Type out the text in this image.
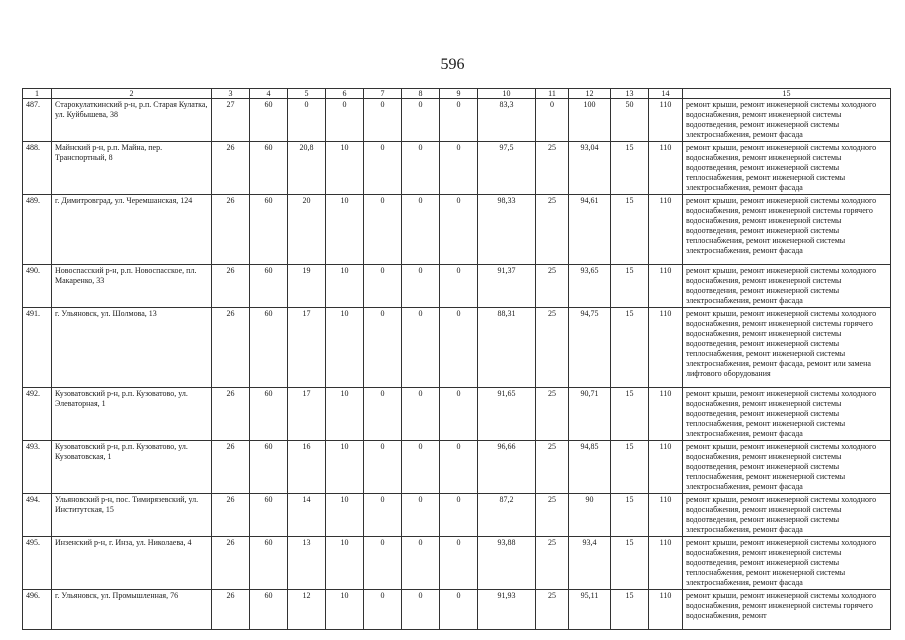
596
1	2	3	4	5	6	7	8	9	10	11	12	13	14	15
487.	Старокулаткинский р-н, р.п. Старая Кулатка, ул. Куйбышева, 38	27	60	0	0	0	0	0	83,3	0	100	50	110	ремонт крыши, ремонт инженерной системы холодного водоснабжения, ремонт инженерной системы водоотведения, ремонт инженерной системы электроснабжения, ремонт фасада
488.	Майнский р-н, р.п. Майна, пер. Транспортный, 8	26	60	20,8	10	0	0	0	97,5	25	93,04	15	110	ремонт крыши, ремонт инженерной системы холодного водоснабжения, ремонт инженерной системы водоотведения, ремонт инженерной системы теплоснабжения, ремонт инженерной системы электроснабжения, ремонт фасада
489.	г. Димитровград, ул. Черемшанская, 124	26	60	20	10	0	0	0	98,33	25	94,61	15	110	ремонт крыши, ремонт инженерной системы холодного водоснабжения, ремонт инженерной системы горячего водоснабжения, ремонт инженерной системы водоотведения, ремонт инженерной системы теплоснабжения, ремонт инженерной системы электроснабжения, ремонт фасада
490.	Новоспасский р-н, р.п. Новоспасское, пл. Макаренко, 33	26	60	19	10	0	0	0	91,37	25	93,65	15	110	ремонт крыши, ремонт инженерной системы холодного водоснабжения, ремонт инженерной системы водоотведения, ремонт инженерной системы электроснабжения, ремонт фасада
491.	г. Ульяновск, ул. Шолмова, 13	26	60	17	10	0	0	0	88,31	25	94,75	15	110	ремонт крыши, ремонт инженерной системы холодного водоснабжения, ремонт инженерной системы горячего водоснабжения, ремонт инженерной системы водоотведения, ремонт инженерной системы теплоснабжения, ремонт инженерной системы электроснабжения, ремонт фасада, ремонт или замена лифтового оборудования
492.	Кузоватовский р-н, р.п. Кузоватово, ул. Элеваторная, 1	26	60	17	10	0	0	0	91,65	25	90,71	15	110	ремонт крыши, ремонт инженерной системы холодного водоснабжения, ремонт инженерной системы водоотведения, ремонт инженерной системы теплоснабжения, ремонт инженерной системы электроснабжения, ремонт фасада
493.	Кузоватовский р-н, р.п. Кузоватово, ул. Кузоватовская, 1	26	60	16	10	0	0	0	96,66	25	94,85	15	110	ремонт крыши, ремонт инженерной системы холодного водоснабжения, ремонт инженерной системы водоотведения, ремонт инженерной системы теплоснабжения, ремонт инженерной системы электроснабжения, ремонт фасада
494.	Ульяновский р-н, пос. Тимирязевский, ул. Институтская, 15	26	60	14	10	0	0	0	87,2	25	90	15	110	ремонт крыши, ремонт инженерной системы холодного водоснабжения, ремонт инженерной системы водоотведения, ремонт инженерной системы электроснабжения, ремонт фасада
495.	Инзенский р-н, г. Инза, ул. Николаева, 4	26	60	13	10	0	0	0	93,88	25	93,4	15	110	ремонт крыши, ремонт инженерной системы холодного водоснабжения, ремонт инженерной системы водоотведения, ремонт инженерной системы теплоснабжения, ремонт инженерной системы электроснабжения, ремонт фасада
496.	г. Ульяновск, ул. Промышленная, 76	26	60	12	10	0	0	0	91,93	25	95,11	15	110	ремонт крыши, ремонт инженерной системы холодного водоснабжения, ремонт инженерной системы горячего водоснабжения, ремонт
